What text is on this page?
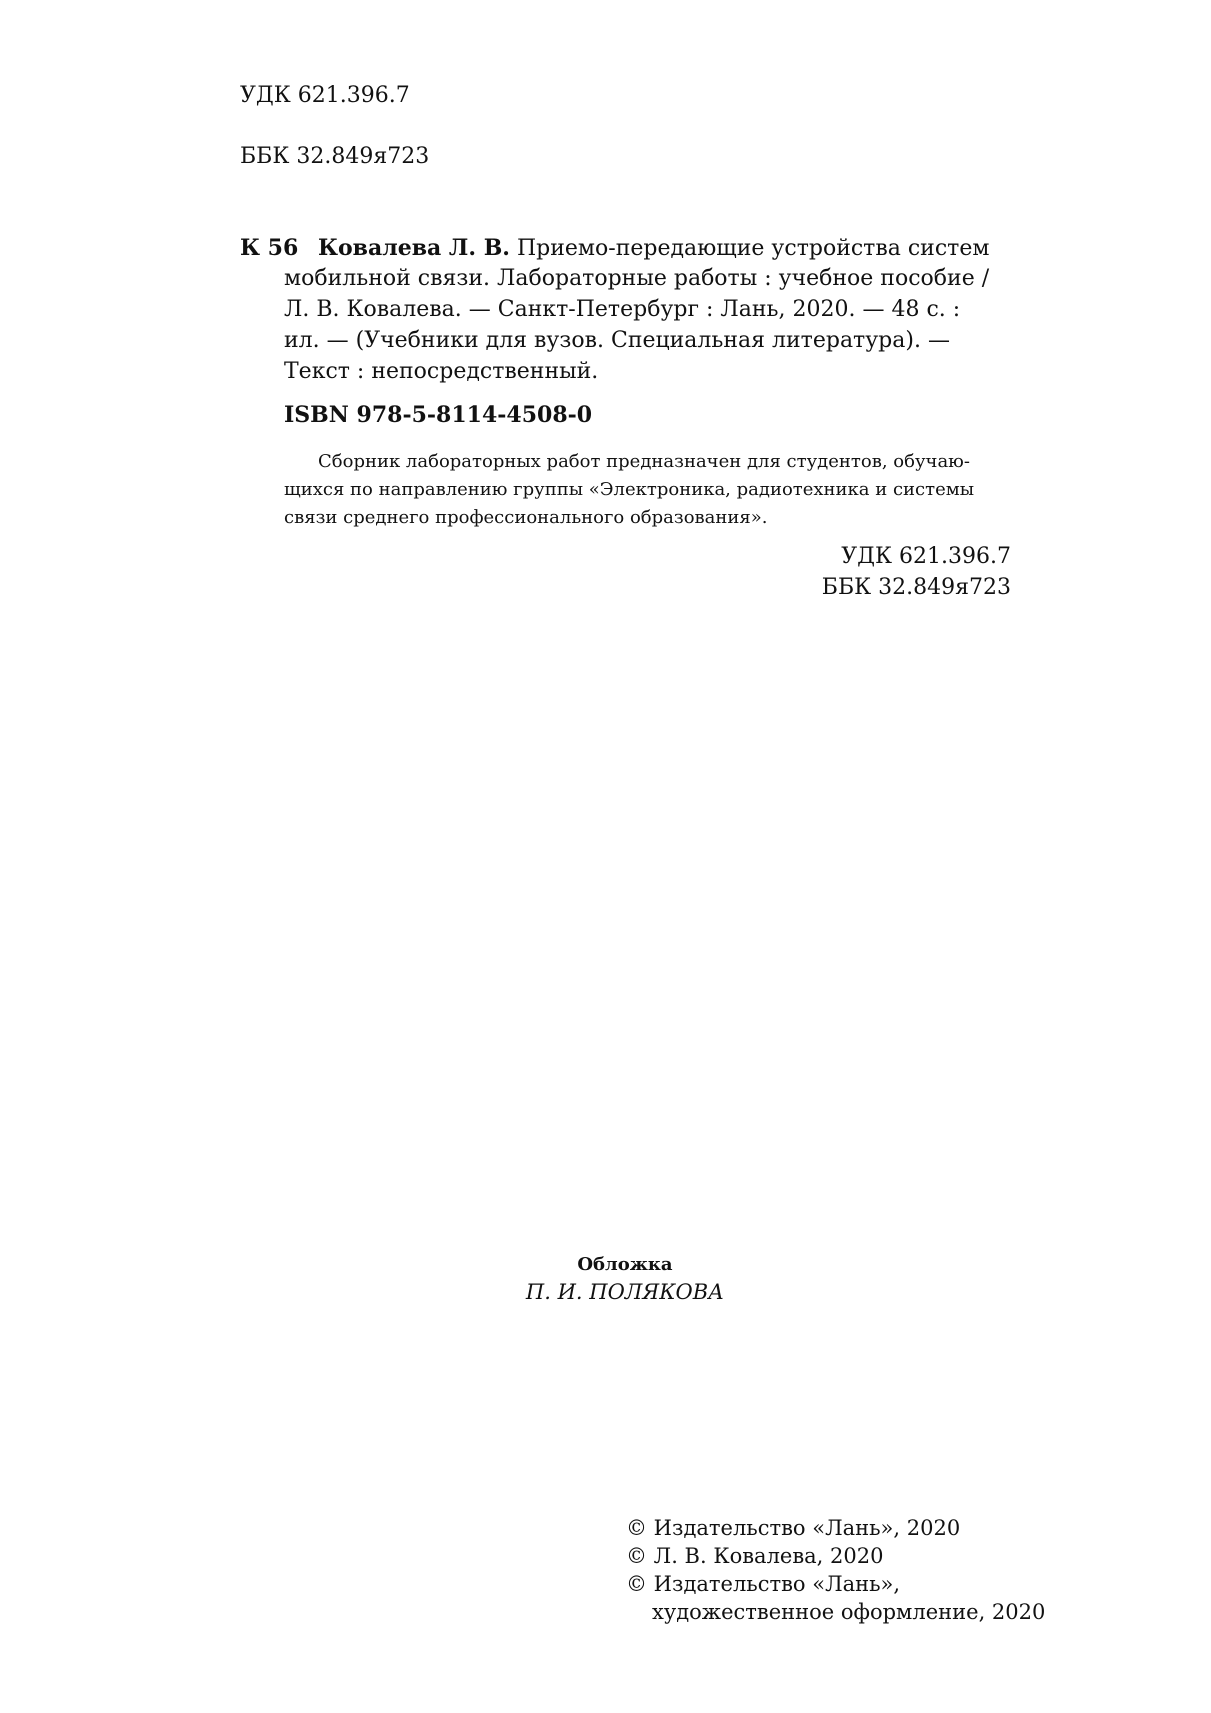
УДК 621.396.7
ББК 32.849я723
К 56 Ковалева Л. В. Приемо-передающие устройства систем
мобильной связи. Лабораторные работы : учебное пособие /
Л. В. Ковалева. — Санкт-Петербург : Лань, 2020. — 48 с. :
ил. — (Учебники для вузов. Специальная литература). —
Текст : непосредственный.
ISBN 978-5-8114-4508-0
Сборник лабораторных работ предназначен для студентов, обучаю-
щихся по направлению группы «Электроника, радиотехника и системы
связи среднего профессионального образования».
УДК 621.396.7
ББК 32.849я723
Обложка
П. И. ПОЛЯКОВА
© Издательство «Лань», 2020
© Л. В. Ковалева, 2020
© Издательство «Лань»,
художественное оформление, 2020
